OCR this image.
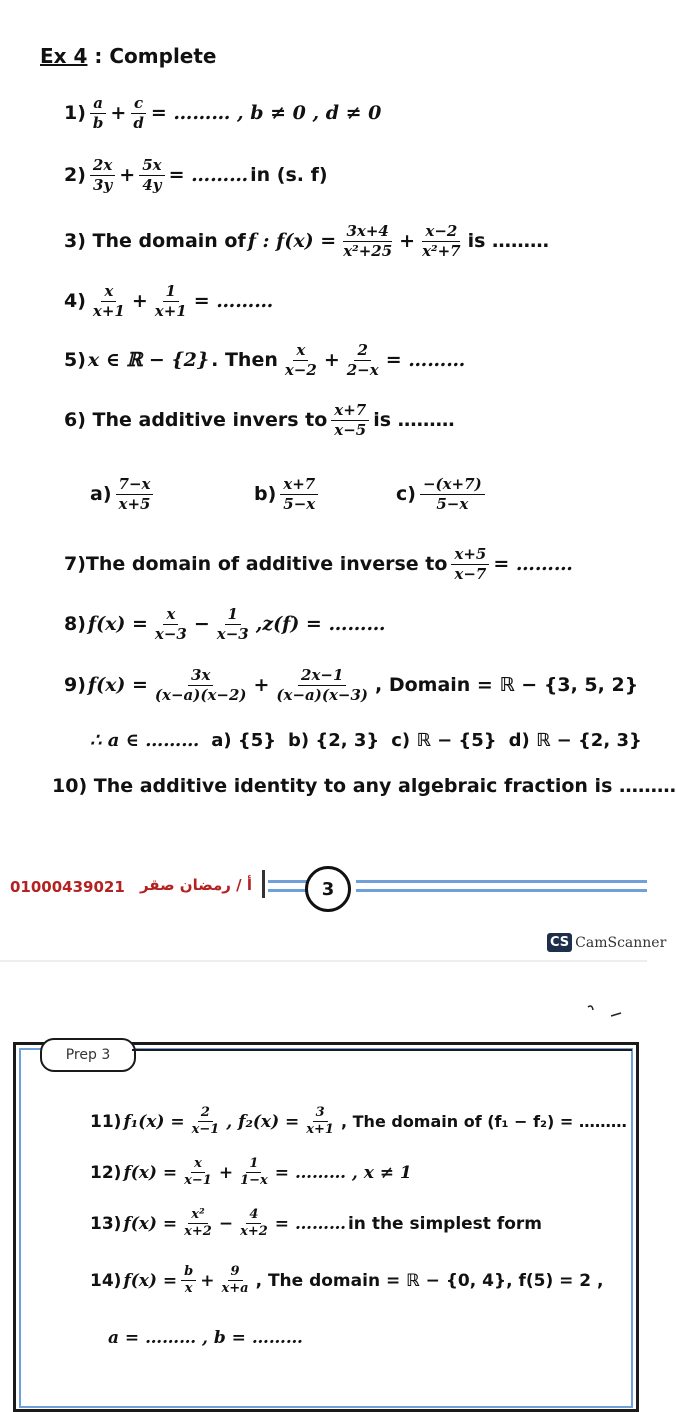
Ex 4 : Complete
$1) \frac{a}{b} + \frac{c}{d}$ = ……… , b ≠ 0 , d ≠ 0
$2) \frac{2x}{3y} + \frac{5x}{4y}$ = ……… in (s. f)
3) The domain of f : $f(x) = \frac{3x+4}{\text{x²+25}} + \frac{x-2}{\text{x²+7}}$ is ………
$4) \frac{x}{x+1} + \frac{1}{x+1}$ = ………
5) x ∈ ℝ − {2} . Then $\frac{x}{x-2} + \frac{2}{2-x}$ = ………
6) The additive invers to $\frac{x+7}{x-5}$ is ………
$a) \frac{7-x}{x+5}$	$b) \frac{x+7}{5-x}$	$c) \frac{-(x+7)}{5-x}$
7)The domain of additive inverse to $\frac{x+5}{x-7}$ = ………
8) $f(x) = \frac{x}{x-3} - \frac{1}{x-3} ,z(f)$ = ………
9) $f(x) = \frac{3x}{(x-a)(x-2)} + \frac{2x-1}{(x-a)(x-3)}$ , Domain = ℝ − {3, 5, 2}
∴ a ∈ ……… a) {5} b) {2, 3} c) ℝ − {5} d) ℝ − {2, 3}
10) The additive identity to any algebraic fraction is ………
01000439021 أ / رمضان صقر	3
CS CamScanner
Prep 3
11) $f_1(x) = \frac{2}{x-1}$ , $f_2(x) = \frac{3}{x+1}$ , The domain of (f₁ − f₂) = ………
12) $f(x) = \frac{x}{x-1} + \frac{1}{1-x}$ = ……… , x ≠ 1
13) $f(x) = \frac{\text{x²}}{x+2} - \frac{4}{x+2}$ = ……… in the simplest form
14) $f(x) = \frac{b}{x} + \frac{9}{x+a}$ , The domain = ℝ − {0, 4}, f(5) = 2 ,
a = ……… , b = ………
